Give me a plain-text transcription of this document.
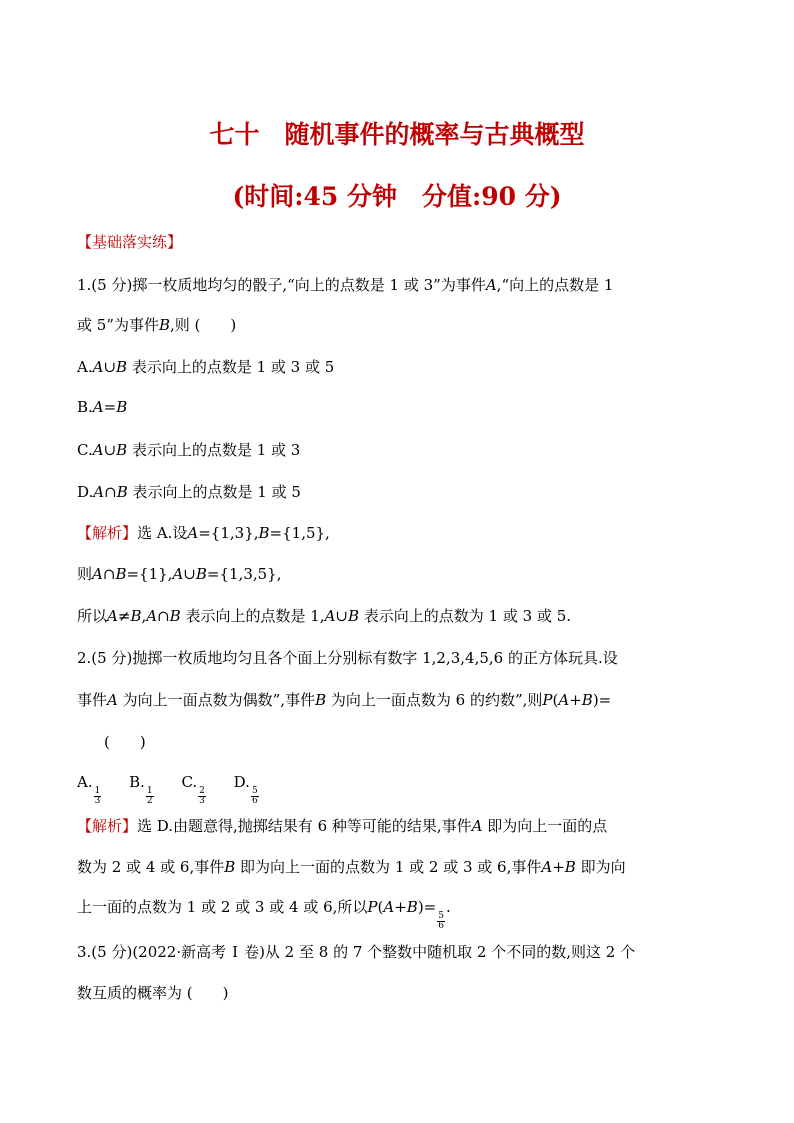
七十　随机事件的概率与古典概型
(时间:45 分钟　分值:90 分)
【基础落实练】
1.(5 分)掷一枚质地均匀的骰子,“向上的点数是 1 或 3”为事件A,“向上的点数是 1
或 5”为事件B,则 (　　)
A.A∪B 表示向上的点数是 1 或 3 或 5
B.A=B
C.A∪B 表示向上的点数是 1 或 3
D.A∩B 表示向上的点数是 1 或 5
【解析】选 A.设A={1,3},B={1,5},
则A∩B={1},A∪B={1,3,5},
所以A≠B,A∩B 表示向上的点数是 1,A∪B 表示向上的点数为 1 或 3 或 5.
2.(5 分)抛掷一枚质地均匀且各个面上分别标有数字 1,2,3,4,5,6 的正方体玩具.设
事件A 为向上一面点数为偶数”,事件B 为向上一面点数为 6 的约数”,则P(A+B)=
(　　)
A.
$\frac{1}{3}$
B.
$\frac{1}{2}$
C.
$\frac{2}{3}$
D.
$\frac{5}{6}$
【解析】选 D.由题意得,抛掷结果有 6 种等可能的结果,事件A 即为向上一面的点
数为 2 或 4 或 6,事件B 即为向上一面的点数为 1 或 2 或 3 或 6,事件A+B 即为向
上一面的点数为 1 或 2 或 3 或 4 或 6,所以P(A+B)=
$\frac{5}{6}$
.
3.(5 分)(2022·新高考 Ⅰ 卷)从 2 至 8 的 7 个整数中随机取 2 个不同的数,则这 2 个
数互质的概率为 (　　)
